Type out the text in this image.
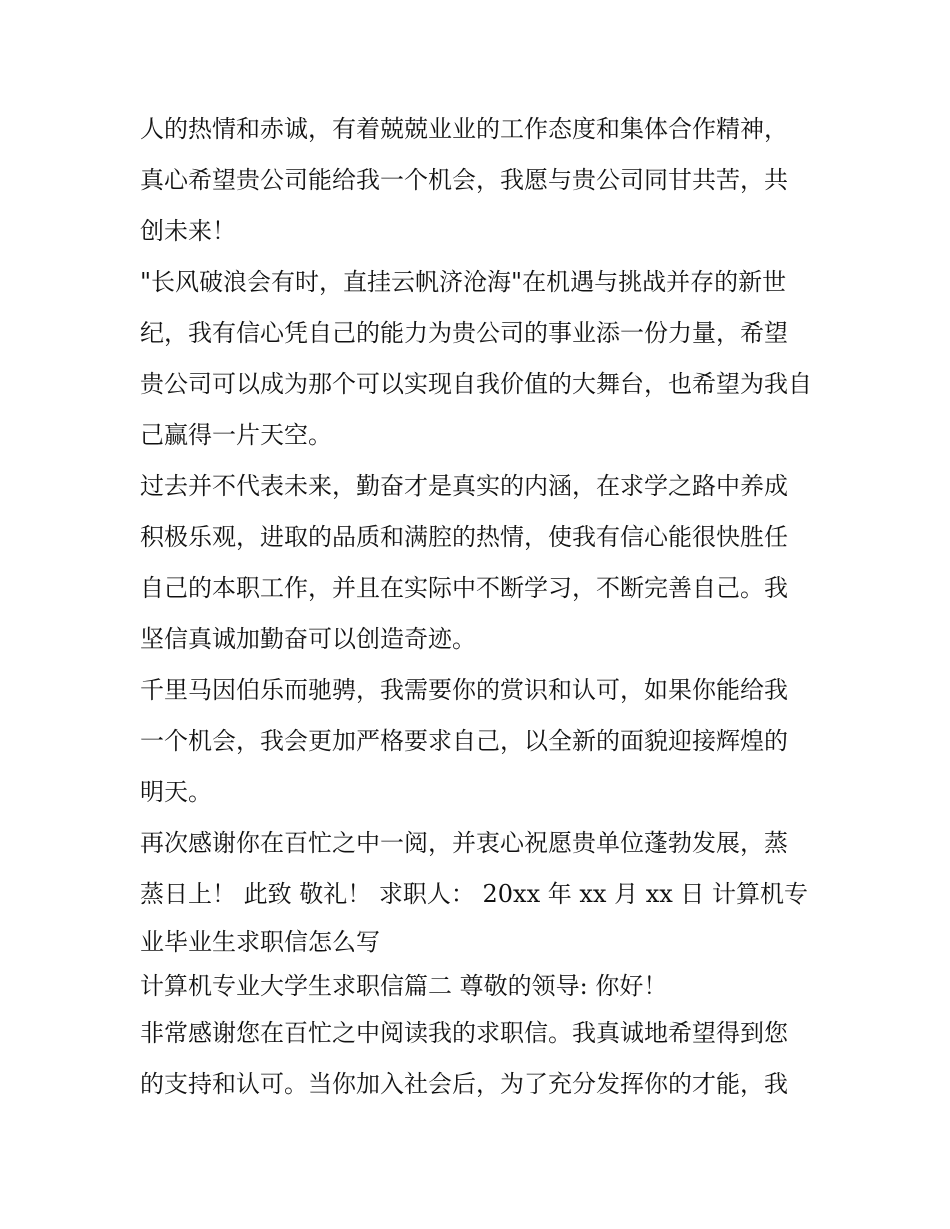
人的热情和赤诚，有着兢兢业业的工作态度和集体合作精神，
真心希望贵公司能给我一个机会，我愿与贵公司同甘共苦，共
创未来！
"长风破浪会有时，直挂云帆济沧海"在机遇与挑战并存的新世
纪，我有信心凭自己的能力为贵公司的事业添一份力量，希望
贵公司可以成为那个可以实现自我价值的大舞台，也希望为我自
己赢得一片天空。
过去并不代表未来，勤奋才是真实的内涵，在求学之路中养成
积极乐观，进取的品质和满腔的热情，使我有信心能很快胜任
自己的本职工作，并且在实际中不断学习，不断完善自己。我
坚信真诚加勤奋可以创造奇迹。
千里马因伯乐而驰骋，我需要你的赏识和认可，如果你能给我
一个机会，我会更加严格要求自己，以全新的面貌迎接辉煌的
明天。
再次感谢你在百忙之中一阅，并衷心祝愿贵单位蓬勃发展，蒸
蒸日上！ 此致 敬礼！ 求职人： 20xx 年 xx 月 xx 日 计算机专
业毕业生求职信怎么写
计算机专业大学生求职信篇二 尊敬的领导: 你好！
非常感谢您在百忙之中阅读我的求职信。我真诚地希望得到您
的支持和认可。当你加入社会后，为了充分发挥你的才能，我
